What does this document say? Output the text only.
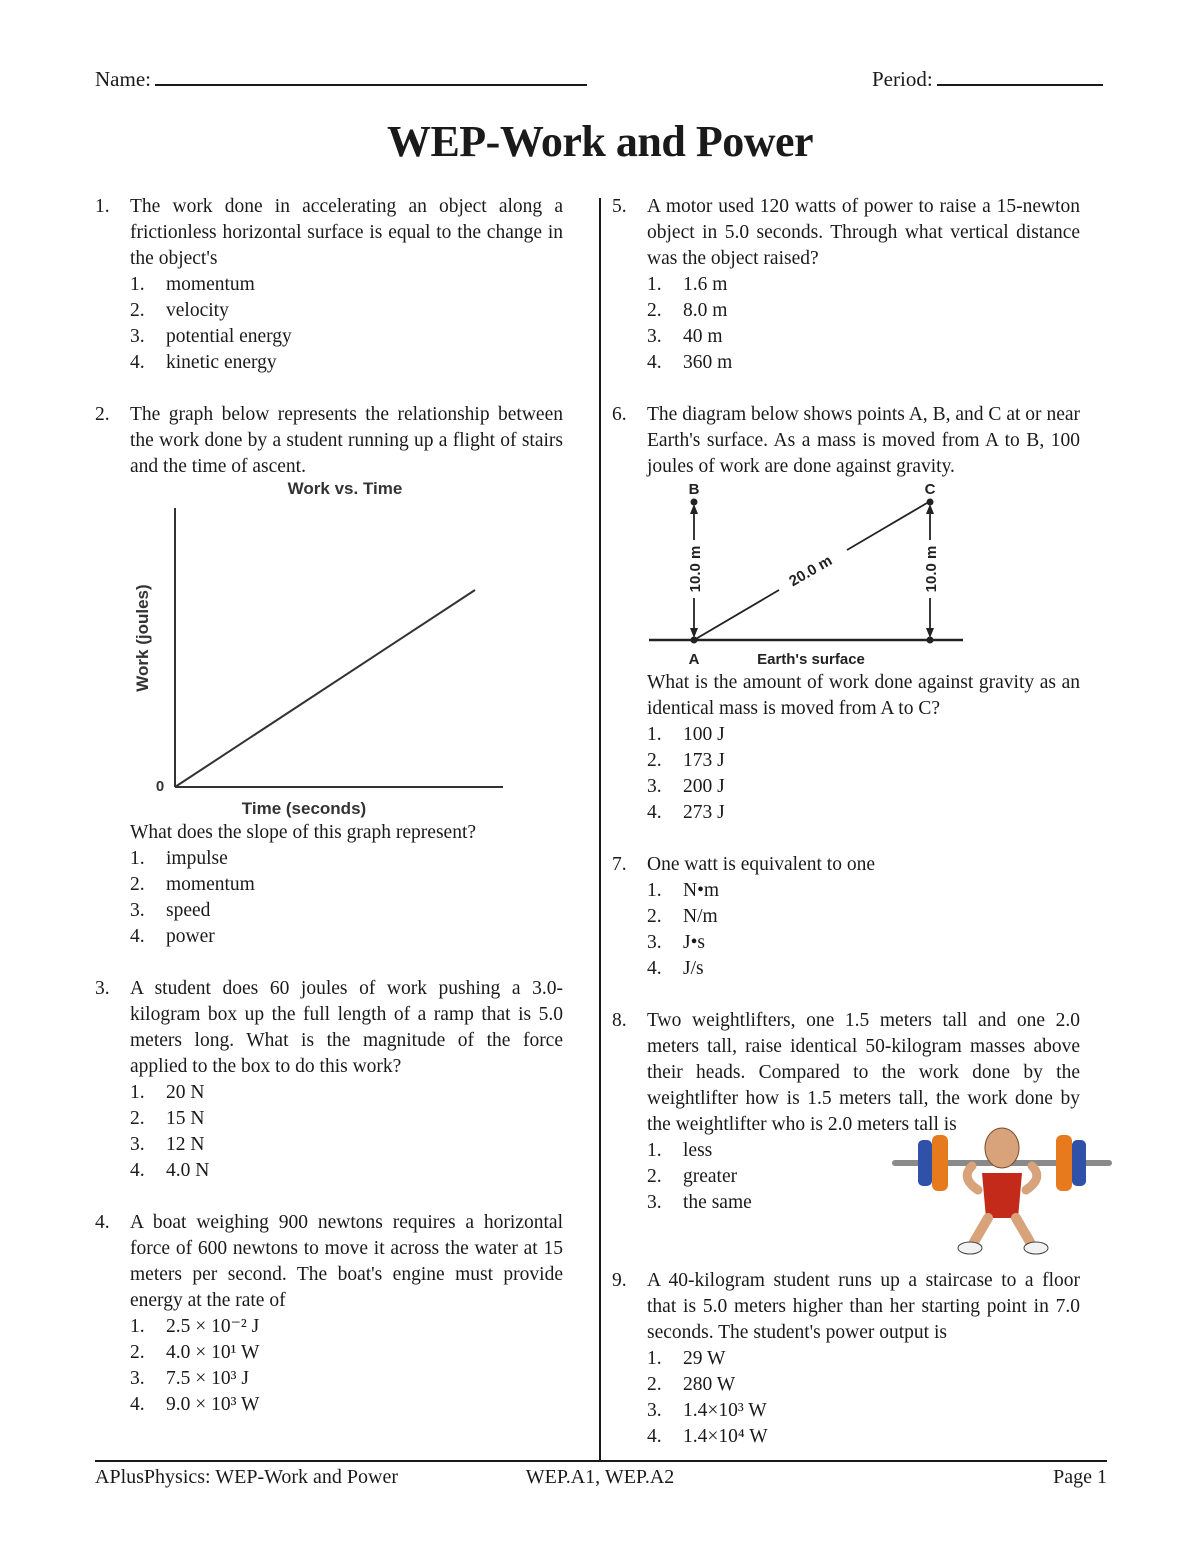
Name:	Period:
WEP-Work and Power
1. The work done in accelerating an object along a frictionless horizontal surface is equal to the change in the object's
1. momentum
2. velocity
3. potential energy
4. kinetic energy
2. The graph below represents the relationship between the work done by a student running up a flight of stairs and the time of ascent.
Work vs. Time
Work (joules)
Time (seconds)
0
What does the slope of this graph represent?
1. impulse
2. momentum
3. speed
4. power
3. A student does 60 joules of work pushing a 3.0-kilogram box up the full length of a ramp that is 5.0 meters long. What is the magnitude of the force applied to the box to do this work?
1. 20 N
2. 15 N
3. 12 N
4. 4.0 N
4. A boat weighing 900 newtons requires a horizontal force of 600 newtons to move it across the water at 15 meters per second. The boat's engine must provide energy at the rate of
1. 2.5 × 10⁻² J
2. 4.0 × 10¹ W
3. 7.5 × 10³ J
4. 9.0 × 10³ W
5. A motor used 120 watts of power to raise a 15-newton object in 5.0 seconds. Through what vertical distance was the object raised?
1. 1.6 m
2. 8.0 m
3. 40 m
4. 360 m
6. The diagram below shows points A, B, and C at or near Earth's surface. As a mass is moved from A to B, 100 joules of work are done against gravity.
B	C
A	Earth's surface
10.0 m	10.0 m
20.0 m
What is the amount of work done against gravity as an identical mass is moved from A to C?
1. 100 J
2. 173 J
3. 200 J
4. 273 J
7. One watt is equivalent to one
1. N•m
2. N/m
3. J•s
4. J/s
8. Two weightlifters, one 1.5 meters tall and one 2.0 meters tall, raise identical 50-kilogram masses above their heads. Compared to the work done by the weightlifter how is 1.5 meters tall, the work done by the weightlifter who is 2.0 meters tall is
1. less
2. greater
3. the same
9. A 40-kilogram student runs up a staircase to a floor that is 5.0 meters higher than her starting point in 7.0 seconds. The student's power output is
1. 29 W
2. 280 W
3. 1.4×10³ W
4. 1.4×10⁴ W
APlusPhysics: WEP-Work and Power	WEP.A1, WEP.A2	Page 1
